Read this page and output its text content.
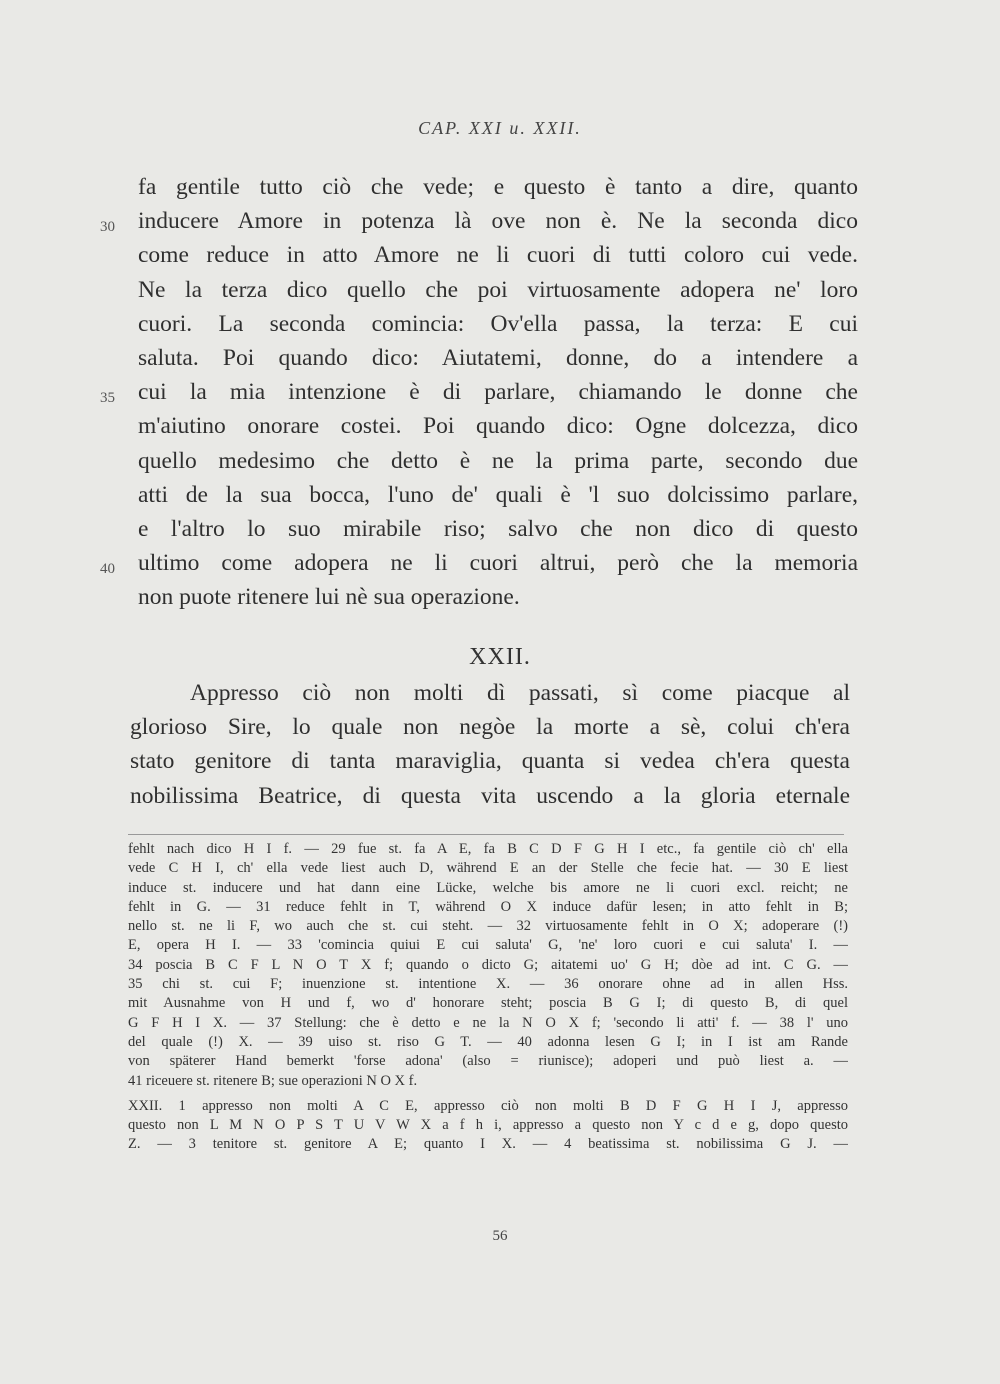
CAP. XXI u. XXII.
fa gentile tutto ciò che vede; e questo è tanto a dire, quanto
30 inducere Amore in potenza là ove non è. Ne la seconda dico
come reduce in atto Amore ne li cuori di tutti coloro cui vede.
Ne la terza dico quello che poi virtuosamente adopera ne' loro
cuori. La seconda comincia: Ov'ella passa, la terza: E cui
saluta. Poi quando dico: Aiutatemi, donne, do a intendere a
35 cui la mia intenzione è di parlare, chiamando le donne che
m'aiutino onorare costei. Poi quando dico: Ogne dolcezza, dico
quello medesimo che detto è ne la prima parte, secondo due
atti de la sua bocca, l'uno de' quali è 'l suo dolcissimo parlare,
e l'altro lo suo mirabile riso; salvo che non dico di questo
40 ultimo come adopera ne li cuori altrui, però che la memoria
non puote ritenere lui nè sua operazione.
XXII.
Appresso ciò non molti dì passati, sì come piacque al
glorioso Sire, lo quale non negòe la morte a sè, colui ch'era
stato genitore di tanta maraviglia, quanta si vedea ch'era questa
nobilissima Beatrice, di questa vita uscendo a la gloria eternale
fehlt nach dico H I f. — 29 fue st. fa A E, fa B C D F G H I etc., fa gentile ciò ch' ella
vede C H I, ch' ella vede liest auch D, während E an der Stelle che fecie hat. — 30 E liest
induce st. inducere und hat dann eine Lücke, welche bis amore ne li cuori excl. reicht; ne
fehlt in G. — 31 reduce fehlt in T, während O X induce dafür lesen; in atto fehlt in B;
nello st. ne li F, wo auch che st. cui steht. — 32 virtuosamente fehlt in O X; adoperare (!)
E, opera H I. — 33 'comincia quiui E cui saluta' G, 'ne' loro cuori e cui saluta' I. —
34 poscia B C F L N O T X f; quando o dicto G; aitatemi uo' G H; dòe ad int. C G. —
35 chi st. cui F; inuenzione st. intentione X. — 36 onorare ohne ad in allen Hss.
mit Ausnahme von H und f, wo d' honorare steht; poscia B G I; di questo B, di quel
G F H I X. — 37 Stellung: che è detto e ne la N O X f; 'secondo li atti' f. — 38 l' uno
del quale (!) X. — 39 uiso st. riso G T. — 40 adonna lesen G I; in I ist am Rande
von späterer Hand bemerkt 'forse adona' (also = riunisce); adoperi und può liest a. —
41 riceuere st. ritenere B; sue operazioni N O X f.
XXII. 1 appresso non molti A C E, appresso ciò non molti B D F G H I J, appresso
questo non L M N O P S T U V W X a f h i, appresso a questo non Y c d e g, dopo questo
Z. — 3 tenitore st. genitore A E; quanto I X. — 4 beatissima st. nobilissima G J. —
56
